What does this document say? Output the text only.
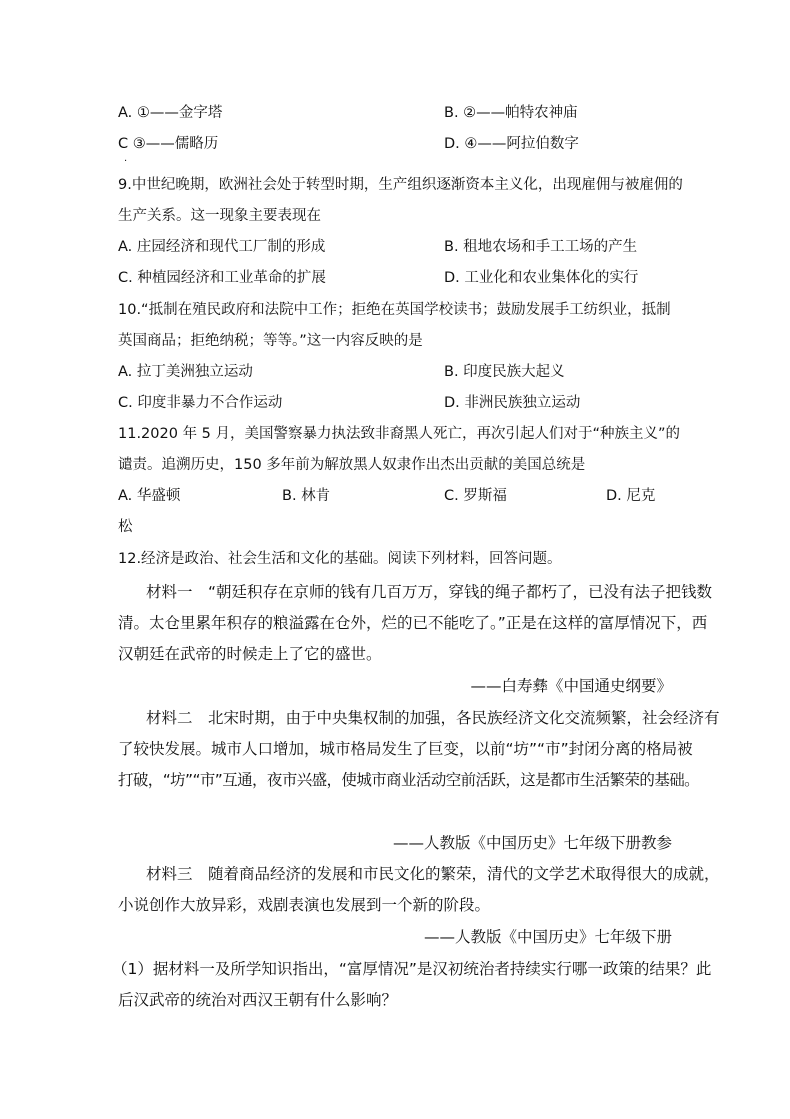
A. ①——金字塔	B. ②——帕特农神庙
C ③——儒略历	D. ④——阿拉伯数字
·
9.中世纪晚期，欧洲社会处于转型时期，生产组织逐渐资本主义化，出现雇佣与被雇佣的
生产关系。这一现象主要表现在
A. 庄园经济和现代工厂制的形成	B. 租地农场和手工工场的产生
C. 种植园经济和工业革命的扩展	D. 工业化和农业集体化的实行
10.“抵制在殖民政府和法院中工作；拒绝在英国学校读书；鼓励发展手工纺织业，抵制
英国商品；拒绝纳税；等等。”这一内容反映的是
A. 拉丁美洲独立运动	B. 印度民族大起义
C. 印度非暴力不合作运动	D. 非洲民族独立运动
11.2020 年 5 月，美国警察暴力执法致非裔黑人死亡，再次引起人们对于“种族主义”的
谴责。追溯历史，150 多年前为解放黑人奴隶作出杰出贡献的美国总统是
A. 华盛顿	B. 林肯	C. 罗斯福	D. 尼克
松
12.经济是政治、社会生活和文化的基础。阅读下列材料，回答问题。
材料一　“朝廷积存在京师的钱有几百万万，穿钱的绳子都朽了，已没有法子把钱数
清。太仓里累年积存的粮溢露在仓外，烂的已不能吃了。”正是在这样的富厚情况下，西
汉朝廷在武帝的时候走上了它的盛世。
——白寿彝《中国通史纲要》
材料二　北宋时期，由于中央集权制的加强，各民族经济文化交流频繁，社会经济有
了较快发展。城市人口增加，城市格局发生了巨变，以前“坊”“市”封闭分离的格局被
打破，“坊”“市”互通，夜市兴盛，使城市商业活动空前活跃，这是都市生活繁荣的基础。
——人教版《中国历史》七年级下册教参
材料三　随着商品经济的发展和市民文化的繁荣，清代的文学艺术取得很大的成就，
小说创作大放异彩，戏剧表演也发展到一个新的阶段。
——人教版《中国历史》七年级下册
（1）据材料一及所学知识指出，“富厚情况”是汉初统治者持续实行哪一政策的结果？此
后汉武帝的统治对西汉王朝有什么影响？
